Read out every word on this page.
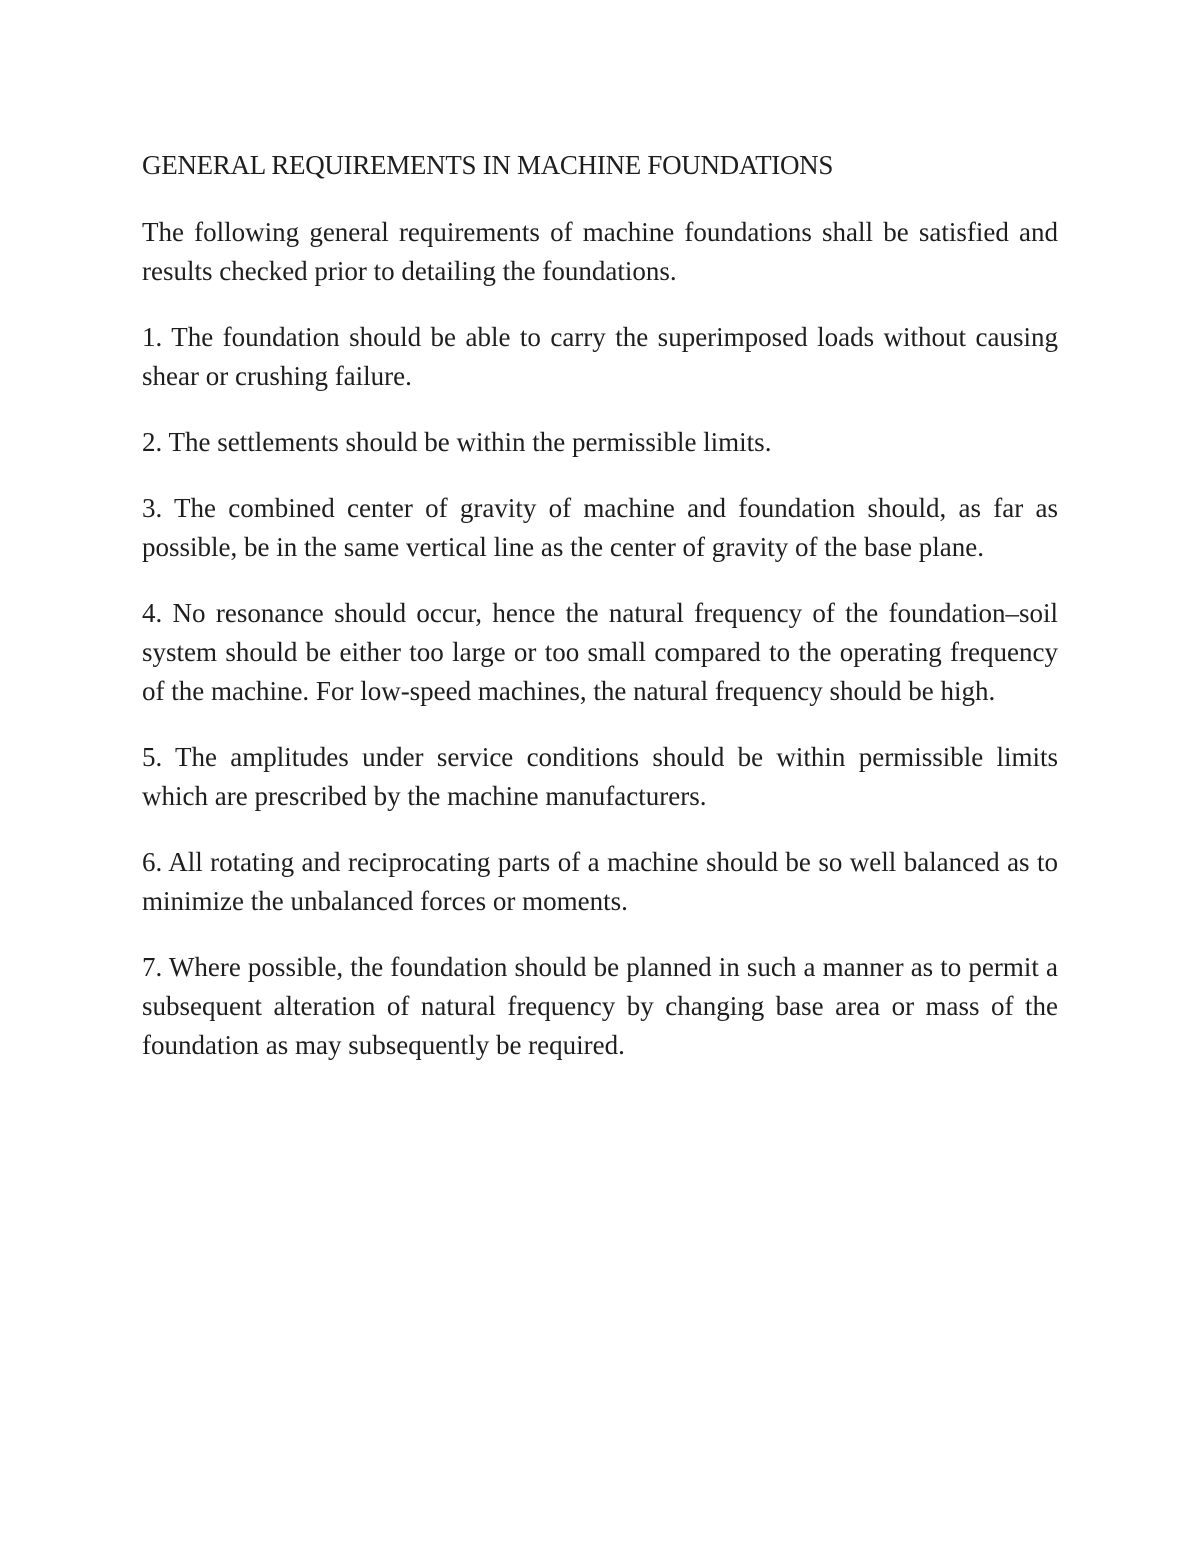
GENERAL REQUIREMENTS IN MACHINE FOUNDATIONS

The following general requirements of machine foundations shall be satisfied and results checked prior to detailing the foundations.

1. The foundation should be able to carry the superimposed loads without causing shear or crushing failure.

2. The settlements should be within the permissible limits.

3. The combined center of gravity of machine and foundation should, as far as possible, be in the same vertical line as the center of gravity of the base plane.

4. No resonance should occur, hence the natural frequency of the foundation–soil system should be either too large or too small compared to the operating frequency of the machine. For low-speed machines, the natural frequency should be high.

5. The amplitudes under service conditions should be within permissible limits which are prescribed by the machine manufacturers.

6. All rotating and reciprocating parts of a machine should be so well balanced as to minimize the unbalanced forces or moments.

7. Where possible, the foundation should be planned in such a manner as to permit a subsequent alteration of natural frequency by changing base area or mass of the foundation as may subsequently be required.
